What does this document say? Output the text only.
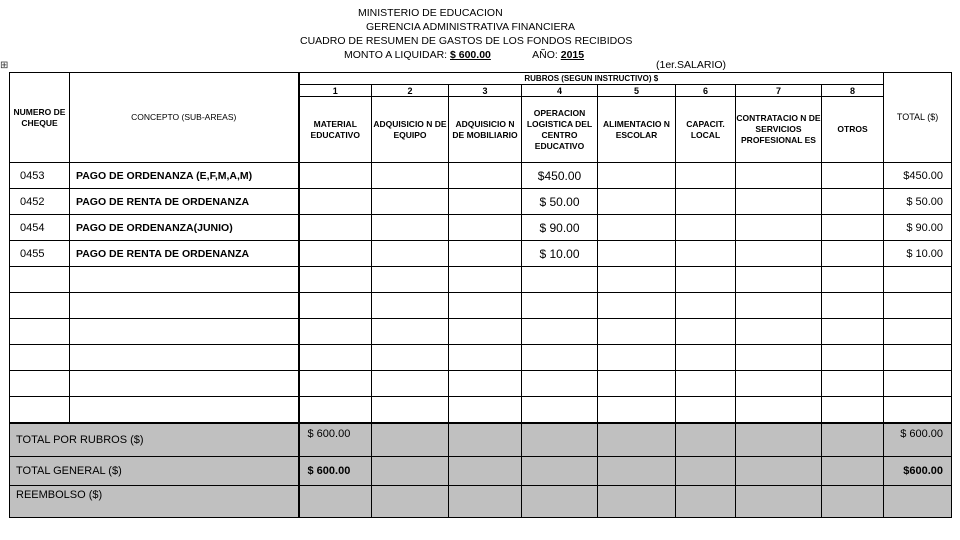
MINISTERIO DE EDUCACION
GERENCIA ADMINISTRATIVA FINANCIERA
CUADRO DE RESUMEN DE GASTOS DE LOS FONDOS RECIBIDOS
MONTO A LIQUIDAR: $ 600.00	AÑO: 2015
(1er.SALARIO)
⊞
NUMERO DE CHEQUE	CONCEPTO (SUB-AREAS)	RUBROS (SEGUN INSTRUCTIVO) $								TOTAL ($)
		1	2	3	4	5	6	7	8	
		MATERIAL EDUCATIVO	ADQUISICIO N DE EQUIPO	ADQUISICIO N DE MOBILIARIO	OPERACION LOGISTICA DEL CENTRO EDUCATIVO	ALIMENTACIO N ESCOLAR	CAPACIT. LOCAL	CONTRATACIO N DE SERVICIOS PROFESIONAL ES	OTROS	
0453	PAGO DE ORDENANZA (E,F,M,A,M)				$450.00					$450.00
0452	PAGO DE RENTA DE ORDENANZA				$ 50.00					$ 50.00
0454	PAGO DE ORDENANZA(JUNIO)				$ 90.00					$ 90.00
0455	PAGO DE RENTA DE ORDENANZA				$ 10.00					$ 10.00

TOTAL POR RUBROS ($)		$ 600.00								$ 600.00
TOTAL GENERAL ($)		$ 600.00								$600.00
REEMBOLSO ($)										
